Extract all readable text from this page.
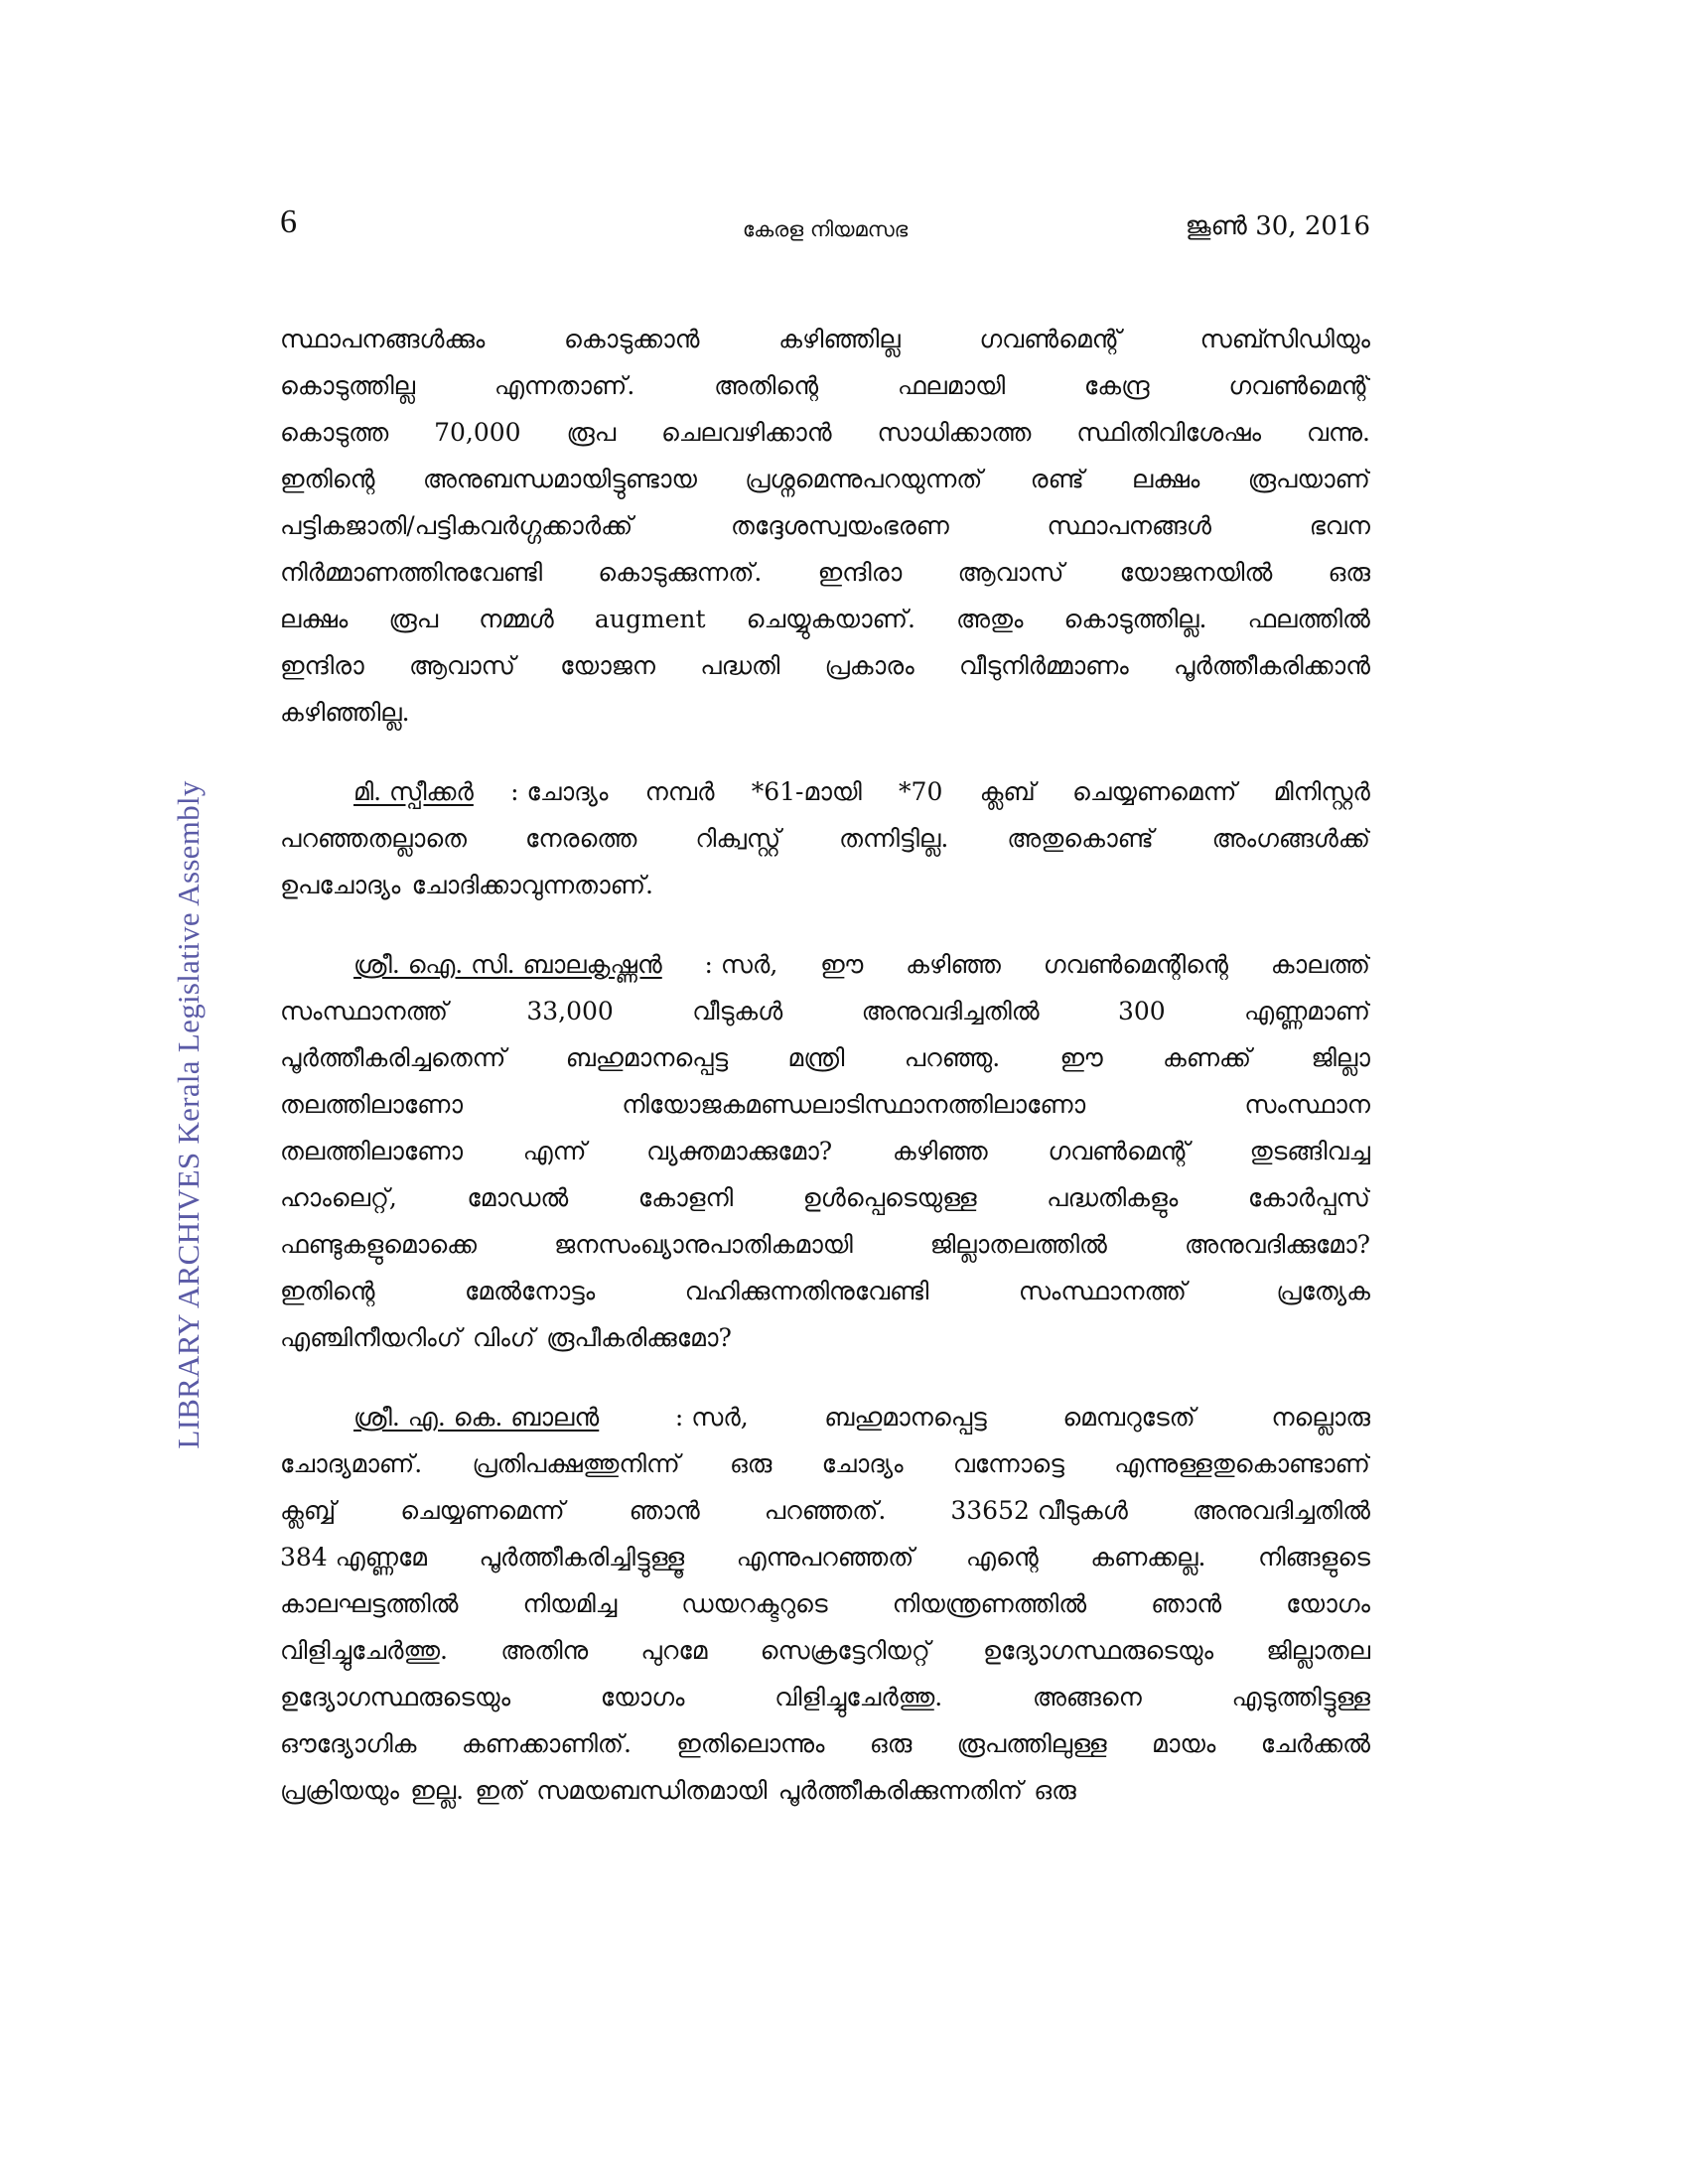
6	കേരള നിയമസഭ	ജൂൺ 30, 2016
LIBRARY ARCHIVES Kerala Legislative Assembly
സ്ഥാപനങ്ങൾക്കും	കൊടുക്കാൻ	കഴിഞ്ഞില്ല	ഗവൺമെന്റ്	സബ്സിഡിയും
കൊടുത്തില്ല	എന്നതാണ്.	അതിന്റെ	ഫലമായി	കേന്ദ്ര	ഗവൺമെന്റ്
കൊടുത്ത 70,000 രൂപ ചെലവഴിക്കാൻ സാധിക്കാത്ത സ്ഥിതിവിശേഷം വന്നു.
ഇതിന്റെ അനുബന്ധമായിട്ടുണ്ടായ പ്രശ്നമെന്നുപറയുന്നത് രണ്ട് ലക്ഷം രൂപയാണ്
പട്ടികജാതി/പട്ടികവർഗ്ഗക്കാർക്ക്	തദ്ദേശസ്വയംഭരണ	സ്ഥാപനങ്ങൾ	ഭവന
നിർമ്മാണത്തിനുവേണ്ടി കൊടുക്കുന്നത്. ഇന്ദിരാ ആവാസ് യോജനയിൽ ഒരു
ലക്ഷം രൂപ നമ്മൾ augment ചെയ്യുകയാണ്. അതും കൊടുത്തില്ല. ഫലത്തിൽ
ഇന്ദിരാ ആവാസ് യോജന പദ്ധതി പ്രകാരം വീടുനിർമ്മാണം പൂർത്തീകരിക്കാൻ
കഴിഞ്ഞില്ല.
മി. സ്പീക്കർ : ചോദ്യം നമ്പർ *61-മായി *70 ക്ലബ് ചെയ്യണമെന്ന് മിനിസ്റ്റർ
പറഞ്ഞതല്ലാതെ നേരത്തെ റിക്വസ്റ്റ് തന്നിട്ടില്ല. അതുകൊണ്ട് അംഗങ്ങൾക്ക്
ഉപചോദ്യം ചോദിക്കാവുന്നതാണ്.
ശ്രീ. ഐ. സി. ബാലകൃഷ്ണൻ : സർ, ഈ കഴിഞ്ഞ ഗവൺമെന്റിന്റെ കാലത്ത്
സംസ്ഥാനത്ത്	33,000	വീടുകൾ	അനുവദിച്ചതിൽ	300	എണ്ണമാണ്
പൂർത്തീകരിച്ചതെന്ന് ബഹുമാനപ്പെട്ട മന്ത്രി പറഞ്ഞു. ഈ കണക്ക് ജില്ലാ
തലത്തിലാണോ	നിയോജകമണ്ഡലാടിസ്ഥാനത്തിലാണോ	സംസ്ഥാന
തലത്തിലാണോ എന്ന് വ്യക്തമാക്കുമോ? കഴിഞ്ഞ ഗവൺമെന്റ് തുടങ്ങിവച്ച
ഹാംലെറ്റ്,	മോഡൽ	കോളനി	ഉൾപ്പെടെയുള്ള	പദ്ധതികളും	കോർപ്പസ്
ഫണ്ടുകളുമൊക്കെ	ജനസംഖ്യാനുപാതികമായി	ജില്ലാതലത്തിൽ	അനുവദിക്കുമോ?
ഇതിന്റെ	മേൽനോട്ടം	വഹിക്കുന്നതിനുവേണ്ടി	സംസ്ഥാനത്ത്	പ്രത്യേക
എഞ്ചിനീയറിംഗ് വിംഗ് രൂപീകരിക്കുമോ?
ശ്രീ. എ. കെ. ബാലൻ	: സർ,	ബഹുമാനപ്പെട്ട	മെമ്പറുടേത്	നല്ലൊരു
ചോദ്യമാണ്. പ്രതിപക്ഷത്തുനിന്ന് ഒരു ചോദ്യം വന്നോട്ടെ എന്നുള്ളതുകൊണ്ടാണ്
ക്ലബ്ബ്	ചെയ്യണമെന്ന്	ഞാൻ	പറഞ്ഞത്.	33652 വീടുകൾ	അനുവദിച്ചതിൽ
384 എണ്ണമേ പൂർത്തീകരിച്ചിട്ടുള്ളൂ എന്നുപറഞ്ഞത് എന്റെ കണക്കല്ല. നിങ്ങളുടെ
കാലഘട്ടത്തിൽ	നിയമിച്ച	ഡയറക്ടറുടെ	നിയന്ത്രണത്തിൽ	ഞാൻ	യോഗം
വിളിച്ചുചേർത്തു. അതിനു പുറമേ സെക്രട്ടേറിയറ്റ് ഉദ്യോഗസ്ഥരുടെയും ജില്ലാതല
ഉദ്യോഗസ്ഥരുടെയും	യോഗം	വിളിച്ചുചേർത്തു.	അങ്ങനെ	എടുത്തിട്ടുള്ള
ഔദ്യോഗിക കണക്കാണിത്. ഇതിലൊന്നും ഒരു രൂപത്തിലുള്ള മായം ചേർക്കൽ
പ്രക്രിയയും ഇല്ല. ഇത് സമയബന്ധിതമായി പൂർത്തീകരിക്കുന്നതിന് ഒരു
